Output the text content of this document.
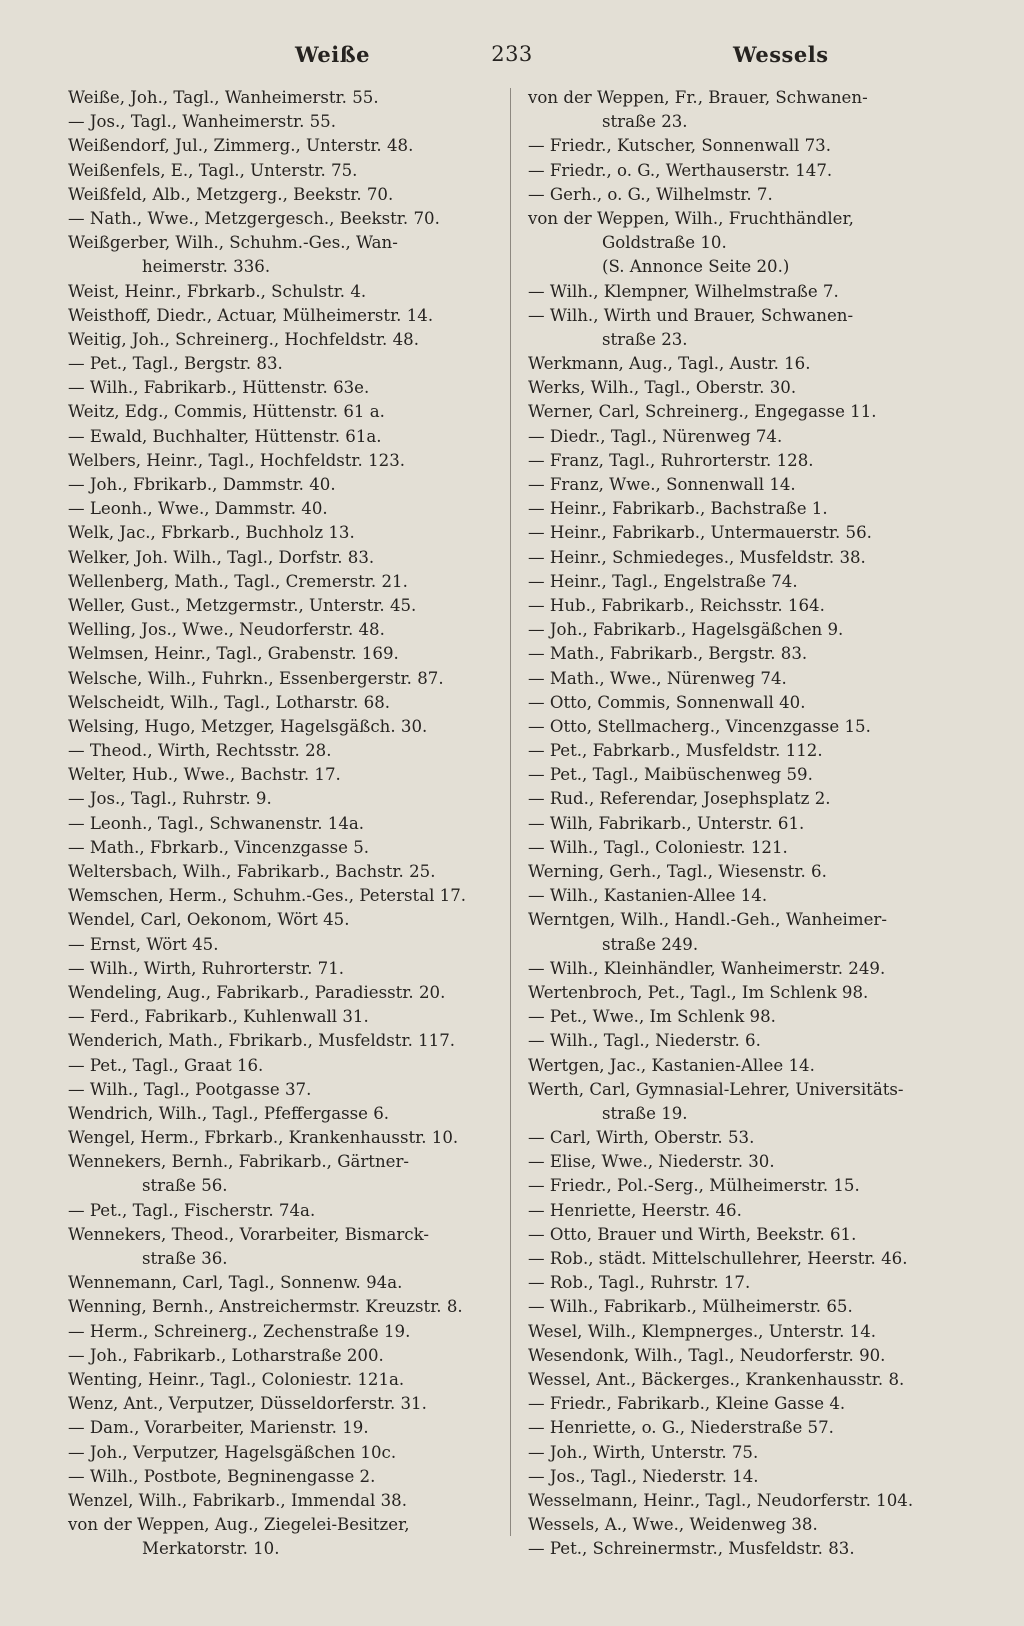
Weiße	233	Wessels
Weiße, Joh., Tagl., Wanheimerstr. 55.
— Jos., Tagl., Wanheimerstr. 55.
Weißendorf, Jul., Zimmerg., Unterstr. 48.
Weißenfels, E., Tagl., Unterstr. 75.
Weißfeld, Alb., Metzgerg., Beekstr. 70.
— Nath., Wwe., Metzgergesch., Beekstr. 70.
Weißgerber, Wilh., Schuhm.-Ges., Wan-
heimerstr. 336.
Weist, Heinr., Fbrkarb., Schulstr. 4.
Weisthoff, Diedr., Actuar, Mülheimerstr. 14.
Weitig, Joh., Schreinerg., Hochfeldstr. 48.
— Pet., Tagl., Bergstr. 83.
— Wilh., Fabrikarb., Hüttenstr. 63e.
Weitz, Edg., Commis, Hüttenstr. 61 a.
— Ewald, Buchhalter, Hüttenstr. 61a.
Welbers, Heinr., Tagl., Hochfeldstr. 123.
— Joh., Fbrikarb., Dammstr. 40.
— Leonh., Wwe., Dammstr. 40.
Welk, Jac., Fbrkarb., Buchholz 13.
Welker, Joh. Wilh., Tagl., Dorfstr. 83.
Wellenberg, Math., Tagl., Cremerstr. 21.
Weller, Gust., Metzgermstr., Unterstr. 45.
Welling, Jos., Wwe., Neudorferstr. 48.
Welmsen, Heinr., Tagl., Grabenstr. 169.
Welsche, Wilh., Fuhrkn., Essenbergerstr. 87.
Welscheidt, Wilh., Tagl., Lotharstr. 68.
Welsing, Hugo, Metzger, Hagelsgäßch. 30.
— Theod., Wirth, Rechtsstr. 28.
Welter, Hub., Wwe., Bachstr. 17.
— Jos., Tagl., Ruhrstr. 9.
— Leonh., Tagl., Schwanenstr. 14a.
— Math., Fbrkarb., Vincenzgasse 5.
Weltersbach, Wilh., Fabrikarb., Bachstr. 25.
Wemschen, Herm., Schuhm.-Ges., Peterstal 17.
Wendel, Carl, Oekonom, Wört 45.
— Ernst, Wört 45.
— Wilh., Wirth, Ruhrorterstr. 71.
Wendeling, Aug., Fabrikarb., Paradiesstr. 20.
— Ferd., Fabrikarb., Kuhlenwall 31.
Wenderich, Math., Fbrikarb., Musfeldstr. 117.
— Pet., Tagl., Graat 16.
— Wilh., Tagl., Pootgasse 37.
Wendrich, Wilh., Tagl., Pfeffergasse 6.
Wengel, Herm., Fbrkarb., Krankenhausstr. 10.
Wennekers, Bernh., Fabrikarb., Gärtner-
straße 56.
— Pet., Tagl., Fischerstr. 74a.
Wennekers, Theod., Vorarbeiter, Bismarck-
straße 36.
Wennemann, Carl, Tagl., Sonnenw. 94a.
Wenning, Bernh., Anstreichermstr. Kreuzstr. 8.
— Herm., Schreinerg., Zechenstraße 19.
— Joh., Fabrikarb., Lotharstraße 200.
Wenting, Heinr., Tagl., Coloniestr. 121a.
Wenz, Ant., Verputzer, Düsseldorferstr. 31.
— Dam., Vorarbeiter, Marienstr. 19.
— Joh., Verputzer, Hagelsgäßchen 10c.
— Wilh., Postbote, Begninengasse 2.
Wenzel, Wilh., Fabrikarb., Immendal 38.
von der Weppen, Aug., Ziegelei-Besitzer,
Merkatorstr. 10.
von der Weppen, Fr., Brauer, Schwanen-
straße 23.
— Friedr., Kutscher, Sonnenwall 73.
— Friedr., o. G., Werthauserstr. 147.
— Gerh., o. G., Wilhelmstr. 7.
von der Weppen, Wilh., Fruchthändler,
Goldstraße 10.
(S. Annonce Seite 20.)
— Wilh., Klempner, Wilhelmstraße 7.
— Wilh., Wirth und Brauer, Schwanen-
straße 23.
Werkmann, Aug., Tagl., Austr. 16.
Werks, Wilh., Tagl., Oberstr. 30.
Werner, Carl, Schreinerg., Engegasse 11.
— Diedr., Tagl., Nürenweg 74.
— Franz, Tagl., Ruhrorterstr. 128.
— Franz, Wwe., Sonnenwall 14.
— Heinr., Fabrikarb., Bachstraße 1.
— Heinr., Fabrikarb., Untermauerstr. 56.
— Heinr., Schmiedeges., Musfeldstr. 38.
— Heinr., Tagl., Engelstraße 74.
— Hub., Fabrikarb., Reichsstr. 164.
— Joh., Fabrikarb., Hagelsgäßchen 9.
— Math., Fabrikarb., Bergstr. 83.
— Math., Wwe., Nürenweg 74.
— Otto, Commis, Sonnenwall 40.
— Otto, Stellmacherg., Vincenzgasse 15.
— Pet., Fabrkarb., Musfeldstr. 112.
— Pet., Tagl., Maibüschenweg 59.
— Rud., Referendar, Josephsplatz 2.
— Wilh, Fabrikarb., Unterstr. 61.
— Wilh., Tagl., Coloniestr. 121.
Werning, Gerh., Tagl., Wiesenstr. 6.
— Wilh., Kastanien-Allee 14.
Werntgen, Wilh., Handl.-Geh., Wanheimer-
straße 249.
— Wilh., Kleinhändler, Wanheimerstr. 249.
Wertenbroch, Pet., Tagl., Im Schlenk 98.
— Pet., Wwe., Im Schlenk 98.
— Wilh., Tagl., Niederstr. 6.
Wertgen, Jac., Kastanien-Allee 14.
Werth, Carl, Gymnasial-Lehrer, Universitäts-
straße 19.
— Carl, Wirth, Oberstr. 53.
— Elise, Wwe., Niederstr. 30.
— Friedr., Pol.-Serg., Mülheimerstr. 15.
— Henriette, Heerstr. 46.
— Otto, Brauer und Wirth, Beekstr. 61.
— Rob., städt. Mittelschullehrer, Heerstr. 46.
— Rob., Tagl., Ruhrstr. 17.
— Wilh., Fabrikarb., Mülheimerstr. 65.
Wesel, Wilh., Klempnerges., Unterstr. 14.
Wesendonk, Wilh., Tagl., Neudorferstr. 90.
Wessel, Ant., Bäckerges., Krankenhausstr. 8.
— Friedr., Fabrikarb., Kleine Gasse 4.
— Henriette, o. G., Niederstraße 57.
— Joh., Wirth, Unterstr. 75.
— Jos., Tagl., Niederstr. 14.
Wesselmann, Heinr., Tagl., Neudorferstr. 104.
Wessels, A., Wwe., Weidenweg 38.
— Pet., Schreinermstr., Musfeldstr. 83.
